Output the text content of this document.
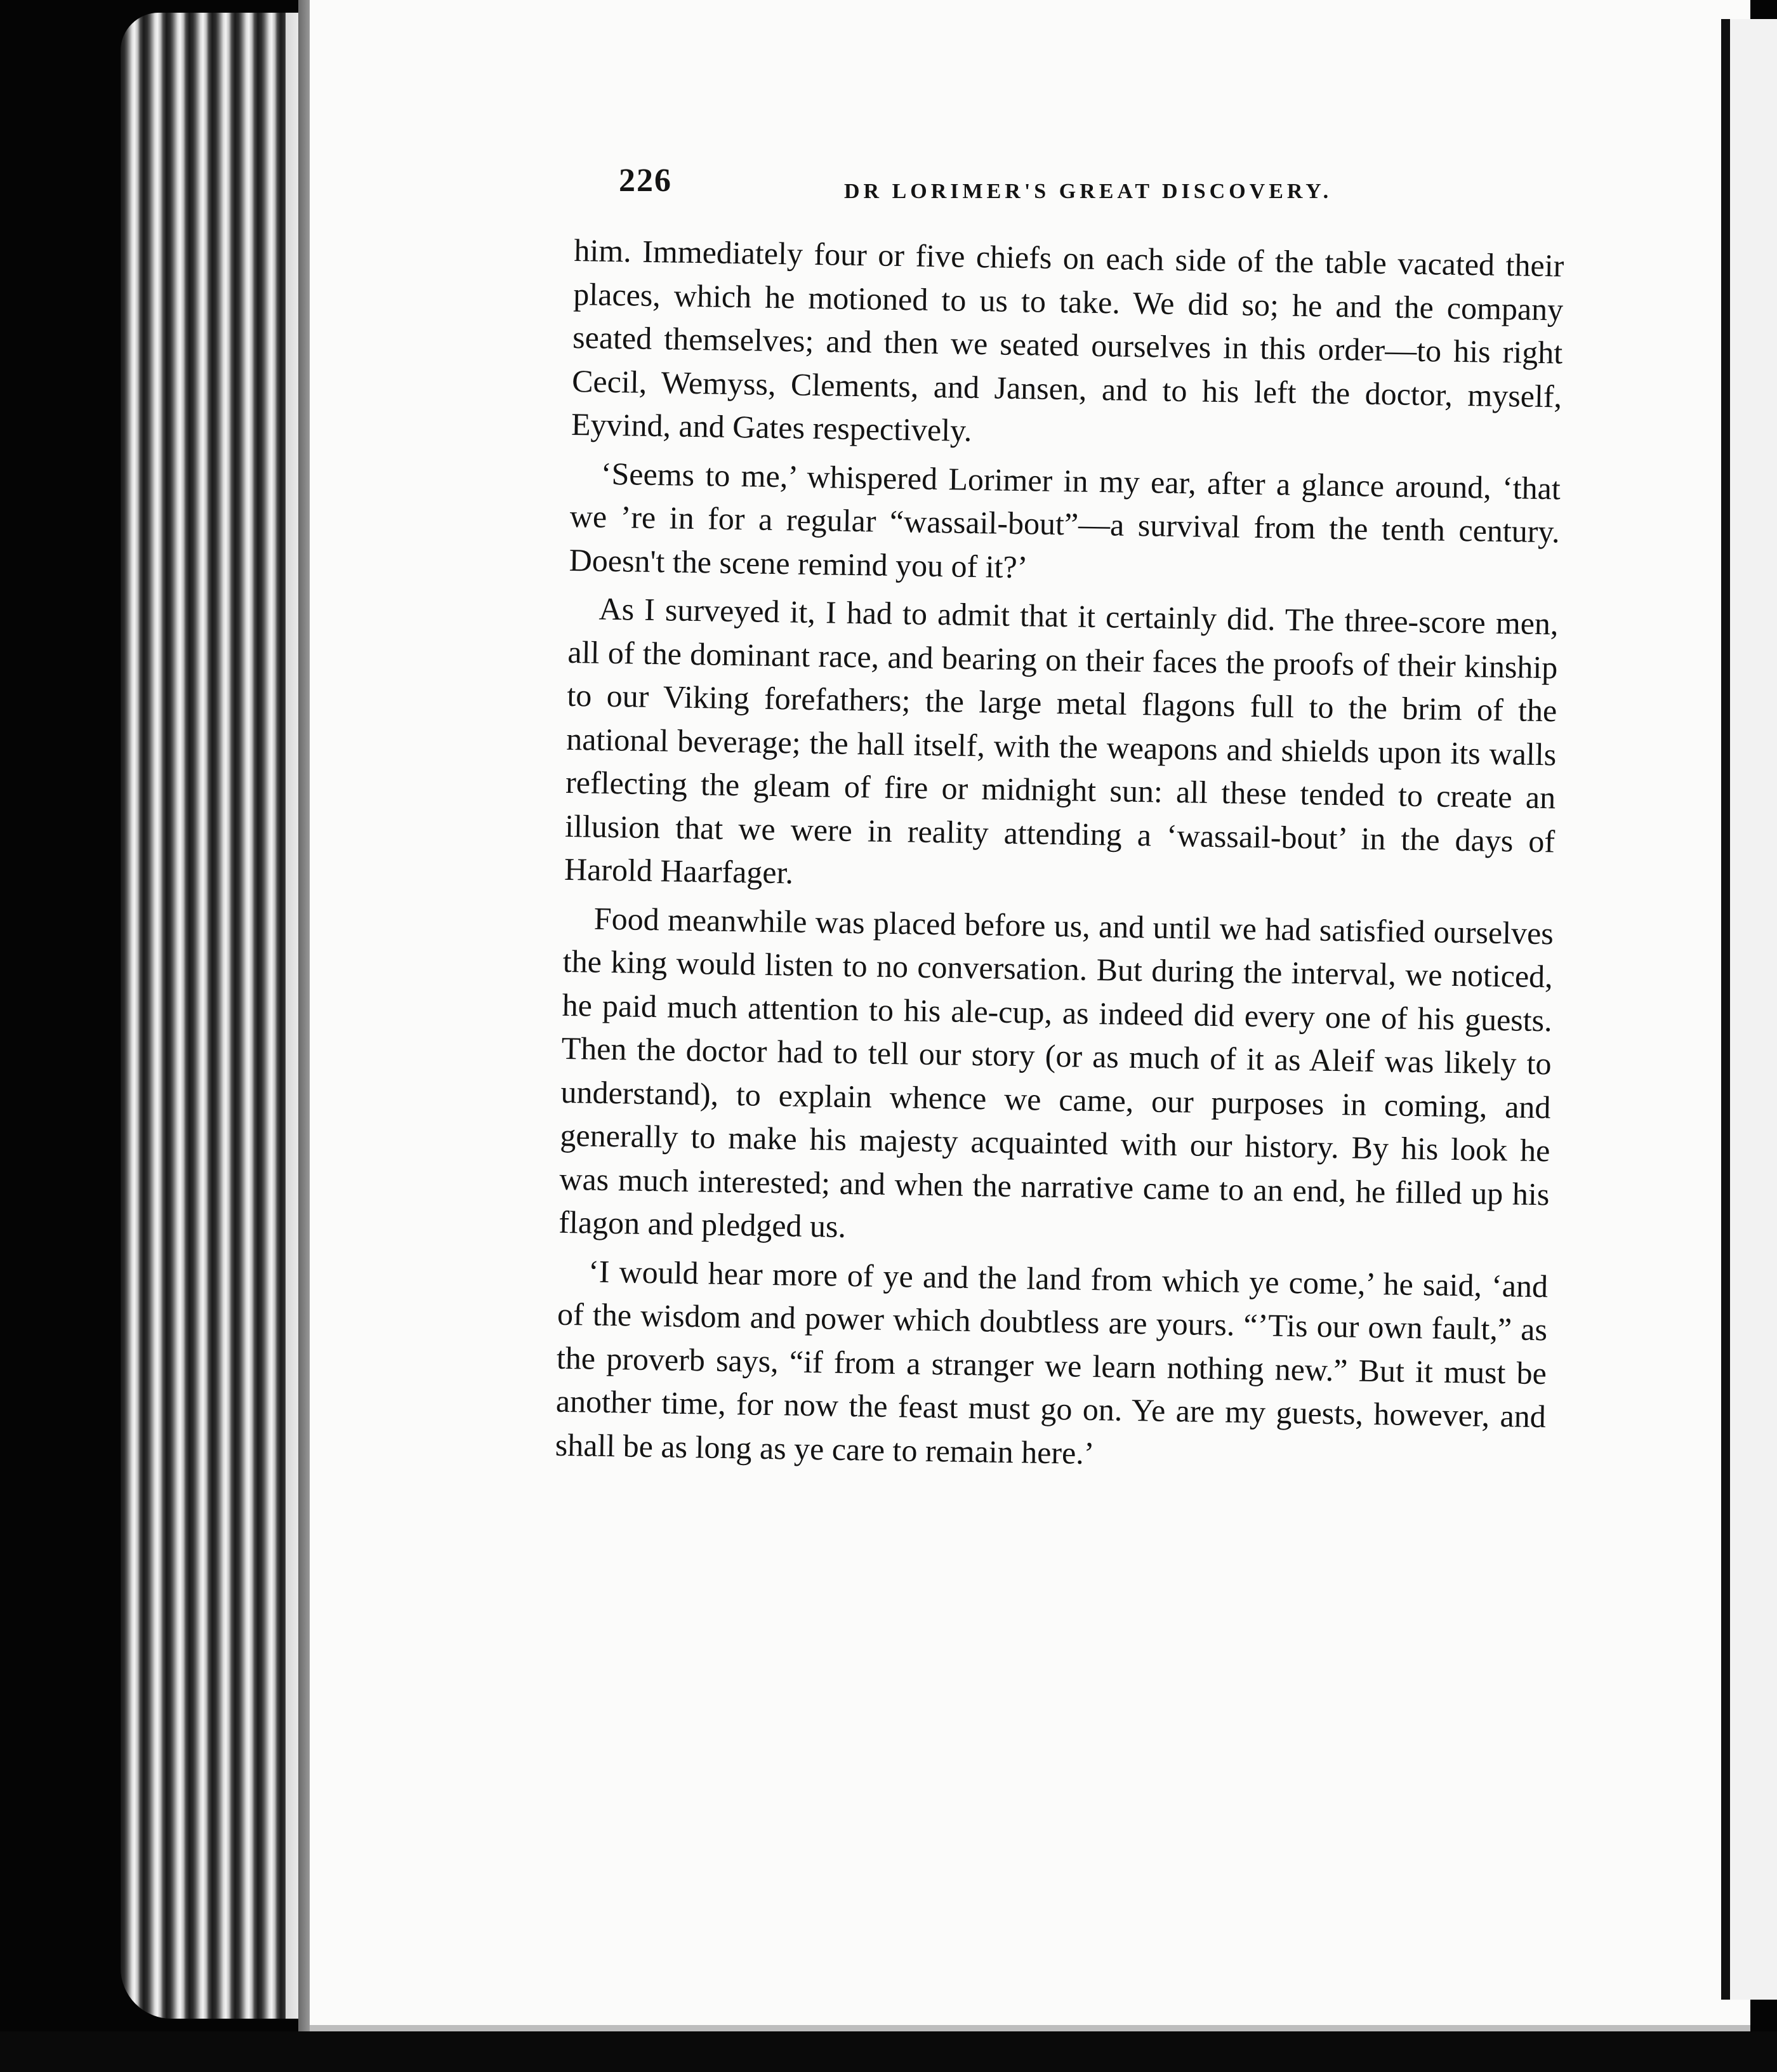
226	DR LORIMER'S GREAT DISCOVERY.

him. Immediately four or five chiefs on each side of the table vacated their places, which he motioned to us to take. We did so; he and the company seated themselves; and then we seated ourselves in this order—to his right Cecil, Wemyss, Clements, and Jansen, and to his left the doctor, myself, Eyvind, and Gates respectively.

‘Seems to me,’ whispered Lorimer in my ear, after a glance around, ‘that we ’re in for a regular “wassail-bout”—a survival from the tenth century. Doesn't the scene remind you of it?’

As I surveyed it, I had to admit that it certainly did. The three-score men, all of the dominant race, and bearing on their faces the proofs of their kinship to our Viking forefathers; the large metal flagons full to the brim of the national beverage; the hall itself, with the weapons and shields upon its walls reflecting the gleam of fire or midnight sun: all these tended to create an illusion that we were in reality attending a ‘wassail-bout’ in the days of Harold Haarfager.

Food meanwhile was placed before us, and until we had satisfied ourselves the king would listen to no conversation. But during the interval, we noticed, he paid much attention to his ale-cup, as indeed did every one of his guests. Then the doctor had to tell our story (or as much of it as Aleif was likely to understand), to explain whence we came, our purposes in coming, and generally to make his majesty acquainted with our history. By his look he was much interested; and when the narrative came to an end, he filled up his flagon and pledged us.

‘I would hear more of ye and the land from which ye come,’ he said, ‘and of the wisdom and power which doubtless are yours. “’Tis our own fault,” as the proverb says, “if from a stranger we learn nothing new.” But it must be another time, for now the feast must go on. Ye are my guests, however, and shall be as long as ye care to remain here.’
